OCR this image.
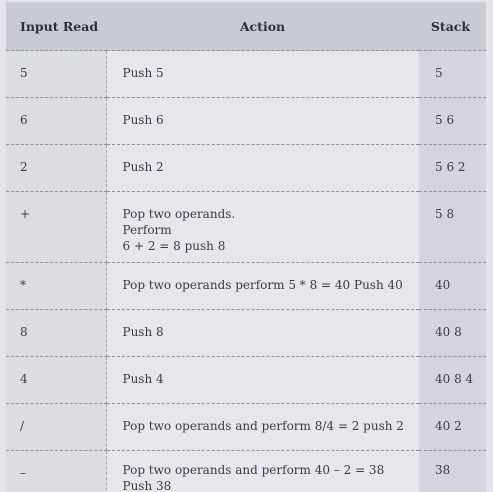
Input Read	Action	Stack

5	Push 5	5

6	Push 6	5 6

2	Push 2	5 6 2

+	Pop two operands.
Perform
6 + 2 = 8 push 8	5 8

*	Pop two operands perform 5 * 8 = 40 Push 40	40

8	Push 8	40 8

4	Push 4	40 8 4

/	Pop two operands and perform 8/4 = 2 push 2	40 2

–	Pop two operands and perform 40 – 2 = 38
Push 38	38
